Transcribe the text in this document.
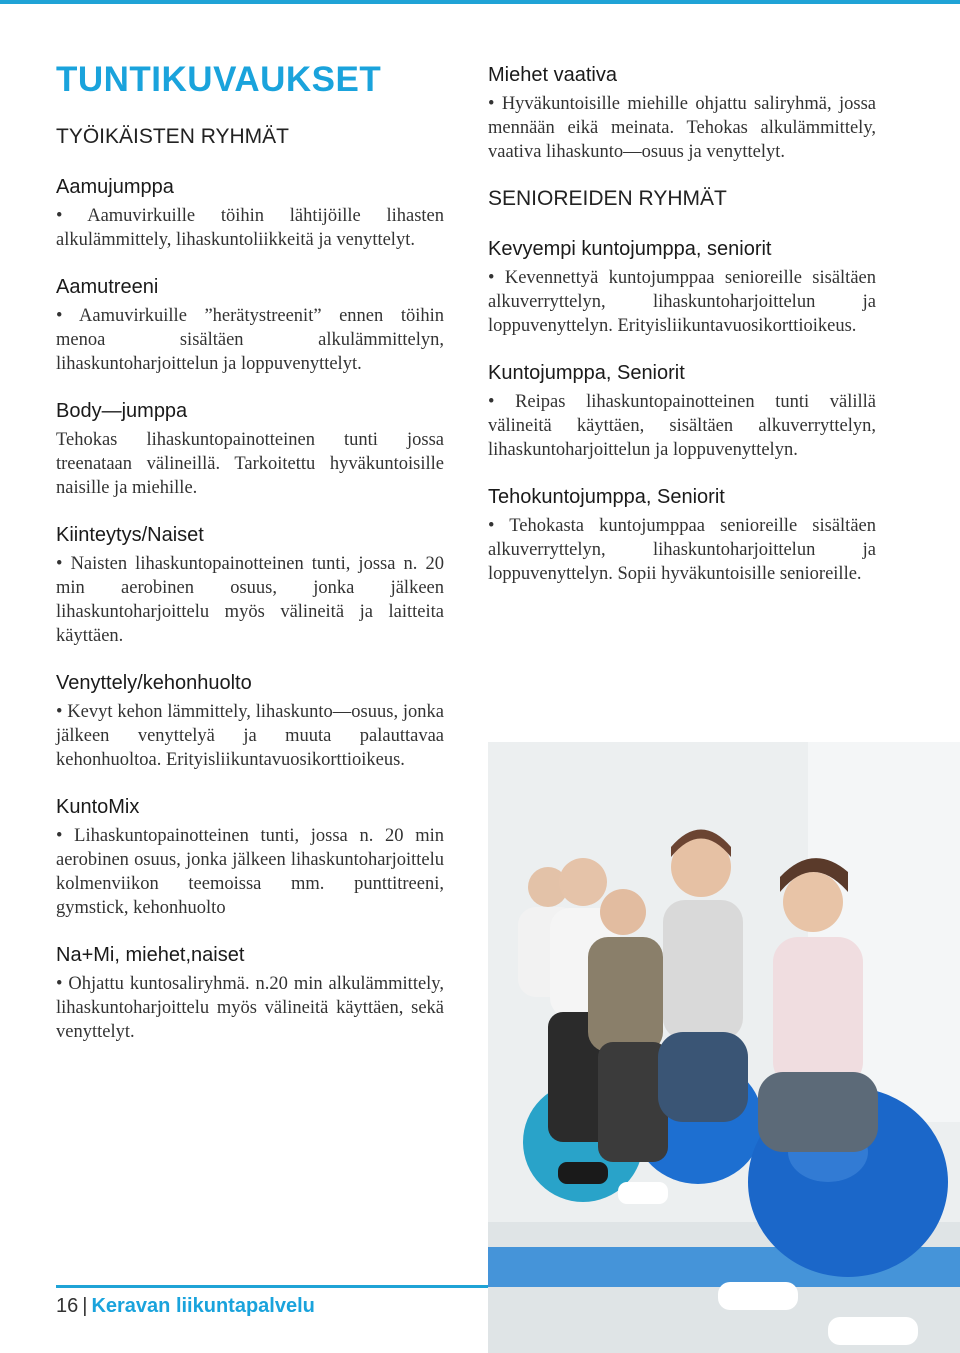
TUNTIKUVAUKSET
TYÖIKÄISTEN RYHMÄT
Aamujumppa
• Aamuvirkuille töihin lähtijöille lihasten alkulämmittely, lihaskuntoliikkeitä ja venyttelyt.
Aamutreeni
• Aamuvirkuille ”herätystreenit” ennen töihin menoa sisältäen alkulämmittelyn, lihaskuntoharjoittelun ja loppuvenyttelyt.
Body—jumppa
Tehokas lihaskuntopainotteinen tunti jossa treenataan välineillä. Tarkoitettu hyväkuntoisille naisille ja miehille.
Kiinteytys/Naiset
• Naisten lihaskuntopainotteinen tunti, jossa n. 20 min aerobinen osuus, jonka jälkeen lihaskuntoharjoittelu myös välineitä ja laitteita käyttäen.
Venyttely/kehonhuolto
• Kevyt kehon lämmittely, lihaskunto—osuus, jonka jälkeen venyttelyä ja muuta palauttavaa kehonhuoltoa. Erityisliikuntavuosikorttioikeus.
KuntoMix
• Lihaskuntopainotteinen tunti, jossa n. 20 min aerobinen osuus, jonka jälkeen lihaskuntoharjoittelu kolmenviikon teemoissa mm. punttitreeni, gymstick, kehonhuolto
Na+Mi, miehet,naiset
• Ohjattu kuntosaliryhmä. n.20 min alkulämmittely, lihaskuntoharjoittelu myös välineitä käyttäen, sekä venyttelyt.
Miehet vaativa
• Hyväkuntoisille miehille ohjattu saliryhmä, jossa mennään eikä meinata. Tehokas alkulämmittely, vaativa lihaskunto—osuus ja venyttelyt.
SENIOREIDEN RYHMÄT
Kevyempi kuntojumppa, seniorit
• Kevennettyä kuntojumppaa senioreille sisältäen alkuverryttelyn, lihaskuntoharjoittelun ja loppuvenyttelyn. Erityisliikuntavuosikorttioikeus.
Kuntojumppa, Seniorit
• Reipas lihaskuntopainotteinen tunti välillä välineitä käyttäen, sisältäen alkuverryttelyn, lihaskuntoharjoittelun ja loppuvenyttelyn.
Tehokuntojumppa, Seniorit
• Tehokasta kuntojumppaa senioreille sisältäen alkuverryttelyn, lihaskuntoharjoittelun ja loppuvenyttelyn. Sopii hyväkuntoisille senioreille.
16 | Keravan liikuntapalvelu
